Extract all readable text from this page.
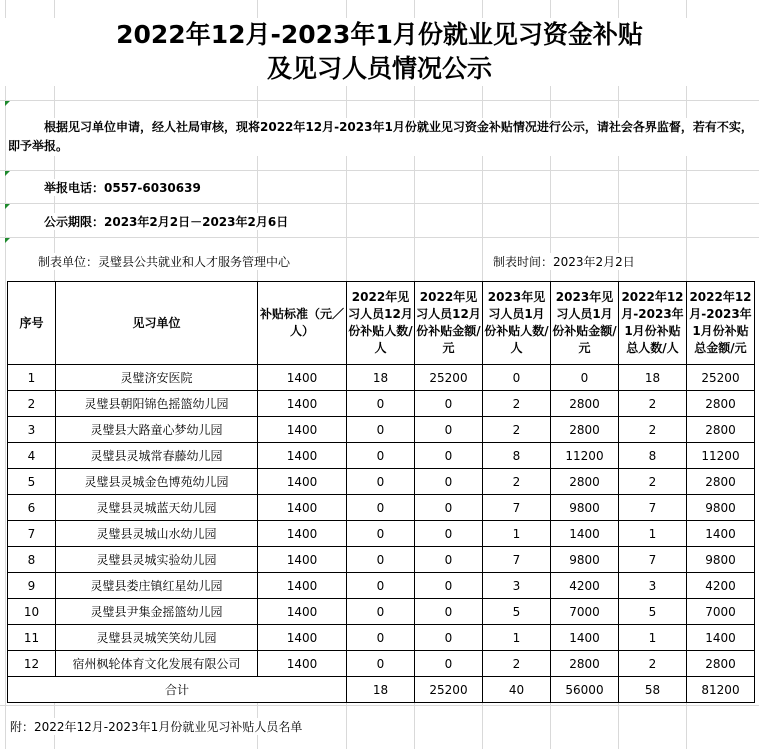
2022年12月-2023年1月份就业见习资金补贴
及见习人员情况公示
根据见习单位申请，经人社局审核，现将2022年12月-2023年1月份就业见习资金补贴情况进行公示，请社会各界监督，若有不实，即予举报。
举报电话：0557-6030639
公示期限：2023年2月2日－2023年2月6日
制表单位：灵璧县公共就业和人才服务管理中心	制表时间：2023年2月2日
序号	见习单位	补贴标准（元／人）	2022年见习人员12月份补贴人数/人	2022年见习人员12月份补贴金额/元	2023年见习人员1月份补贴人数/人	2023年见习人员1月份补贴金额/元	2022年12月-2023年1月份补贴总人数/人	2022年12月-2023年1月份补贴总金额/元
1	灵璧济安医院	1400	18	25200	0	0	18	25200
2	灵璧县朝阳锦色摇篮幼儿园	1400	0	0	2	2800	2	2800
3	灵璧县大路童心梦幼儿园	1400	0	0	2	2800	2	2800
4	灵璧县灵城常春藤幼儿园	1400	0	0	8	11200	8	11200
5	灵璧县灵城金色博苑幼儿园	1400	0	0	2	2800	2	2800
6	灵璧县灵城蓝天幼儿园	1400	0	0	7	9800	7	9800
7	灵璧县灵城山水幼儿园	1400	0	0	1	1400	1	1400
8	灵璧县灵城实验幼儿园	1400	0	0	7	9800	7	9800
9	灵璧县娄庄镇红星幼儿园	1400	0	0	3	4200	3	4200
10	灵璧县尹集金摇篮幼儿园	1400	0	0	5	7000	5	7000
11	灵璧县灵城笑笑幼儿园	1400	0	0	1	1400	1	1400
12	宿州枫轮体育文化发展有限公司	1400	0	0	2	2800	2	2800
合计			18	25200	40	56000	58	81200
附：2022年12月-2023年1月份就业见习补贴人员名单
